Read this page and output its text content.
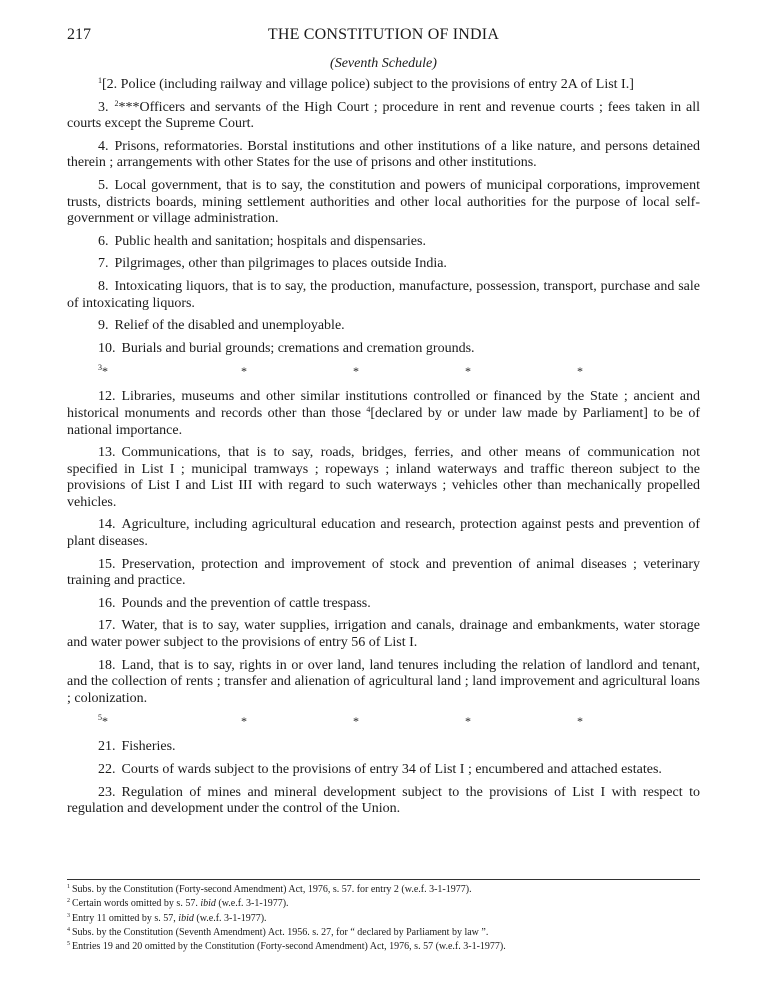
217	THE CONSTITUTION OF INDIA
(Seventh Schedule)

$^1$[2. Police (including railway and village police) subject to the provisions of entry 2A of List I.]

3. $^2$***Officers and servants of the High Court ; procedure in rent and revenue courts ; fees taken in all courts except the Supreme Court.

4. Prisons, reformatories. Borstal institutions and other institutions of a like nature, and persons detained therein ; arrangements with other States for the use of prisons and other institutions.

5. Local government, that is to say, the constitution and powers of municipal corporations, improvement trusts, districts boards, mining settlement authorities and other local authorities for the purpose of local self-government or village administration.

6. Public health and sanitation; hospitals and dispensaries.

7. Pilgrimages, other than pilgrimages to places outside India.

8. Intoxicating liquors, that is to say, the production, manufacture, possession, transport, purchase and sale of intoxicating liquors.

9. Relief of the disabled and unemployable.

10. Burials and burial grounds; cremations and cremation grounds.

$^3$*	*	*	*	*

12. Libraries, museums and other similar institutions controlled or financed by the State ; ancient and historical monuments and records other than those $^4$[declared by or under law made by Parliament] to be of national importance.

13. Communications, that is to say, roads, bridges, ferries, and other means of communication not specified in List I ; municipal tramways ; ropeways ; inland waterways and traffic thereon subject to the provisions of List I and List III with regard to such waterways ; vehicles other than mechanically propelled vehicles.

14. Agriculture, including agricultural education and research, protection against pests and prevention of plant diseases.

15. Preservation, protection and improvement of stock and prevention of animal diseases ; veterinary training and practice.

16. Pounds and the prevention of cattle trespass.

17. Water, that is to say, water supplies, irrigation and canals, drainage and embankments, water storage and water power subject to the provisions of entry 56 of List I.

18. Land, that is to say, rights in or over land, land tenures including the relation of landlord and tenant, and the collection of rents ; transfer and alienation of agricultural land ; land improvement and agricultural loans ; colonization.

$^5$*	*	*	*	*

21. Fisheries.

22. Courts of wards subject to the provisions of entry 34 of List I ; encumbered and attached estates.

23. Regulation of mines and mineral development subject to the provisions of List I with respect to regulation and development under the control of the Union.

$^1$ Subs. by the Constitution (Forty-second Amendment) Act, 1976, s. 57. for entry 2 (w.e.f. 3-1-1977).
$^2$ Certain words omitted by s. 57. ibid (w.e.f. 3-1-1977).
$^3$ Entry 11 omitted by s. 57, ibid (w.e.f. 3-1-1977).
$^4$ Subs. by the Constitution (Seventh Amendment) Act. 1956. s. 27, for “ declared by Parliament by law ”.
$^5$ Entries 19 and 20 omitted by the Constitution (Forty-second Amendment) Act, 1976, s. 57 (w.e.f. 3-1-1977).
